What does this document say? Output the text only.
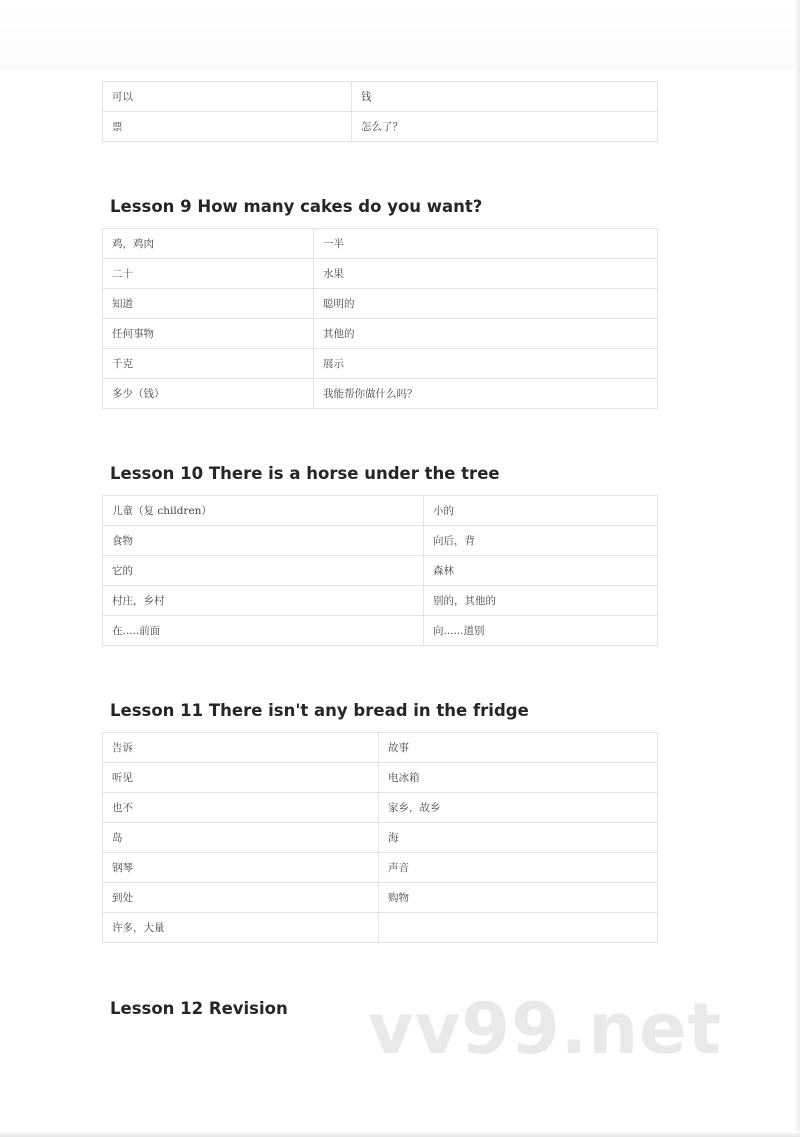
可以	钱
票	怎么了？
Lesson 9 How many cakes do you want?
鸡，鸡肉	一半
二十	水果
知道	聪明的
任何事物	其他的
千克	展示
多少（钱）	我能帮你做什么吗？
Lesson 10 There is a horse under the tree
儿童（复 children）	小的
食物	向后，背
它的	森林
村庄，乡村	别的，其他的
在.....前面	向......道别
Lesson 11 There isn't any bread in the fridge
告诉	故事
听见	电冰箱
也不	家乡，故乡
岛	海
钢琴	声音
到处	购物
许多，大量	
Lesson 12 Revision vv99.net
